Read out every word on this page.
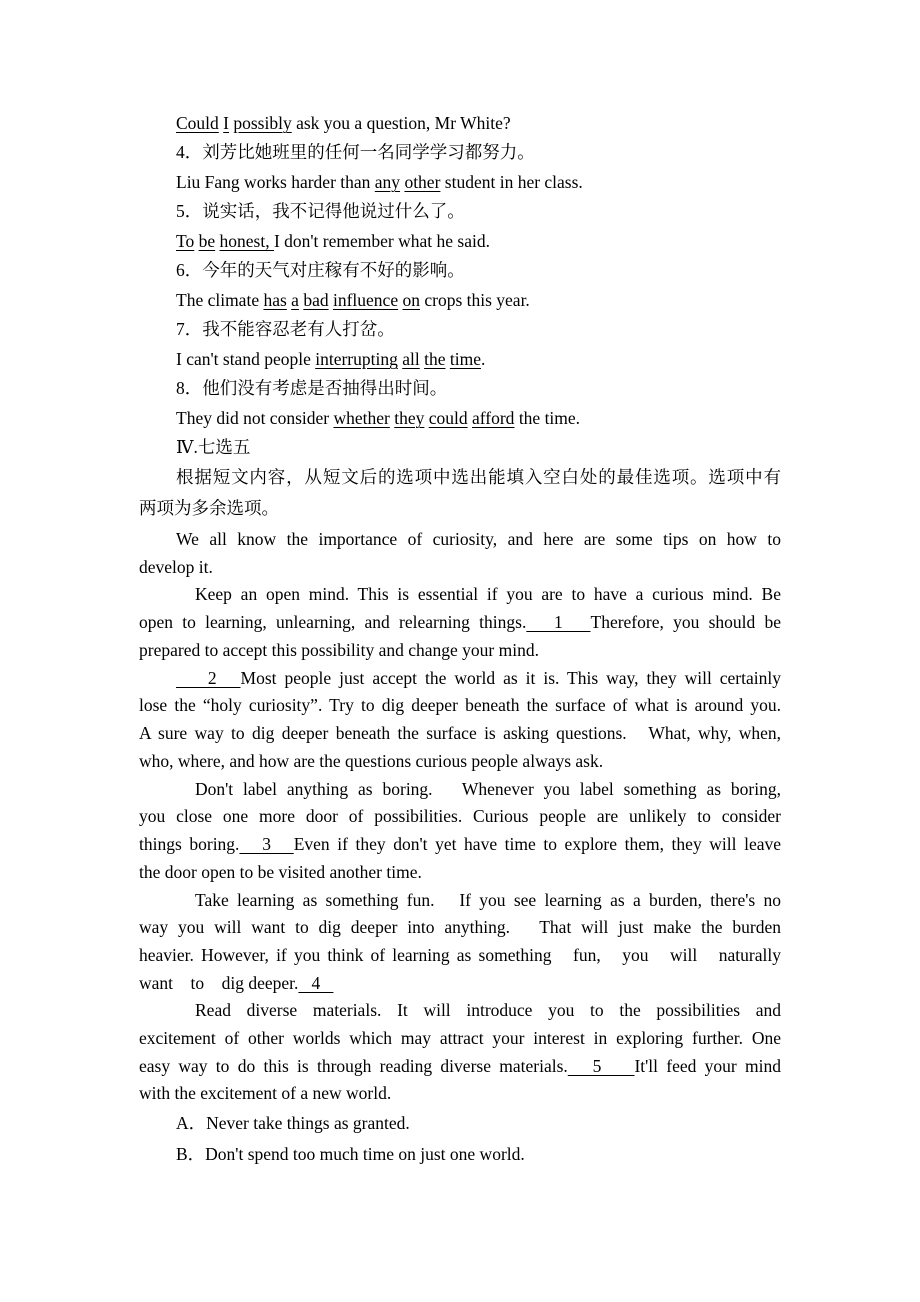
Could I possibly ask you a question, Mr White?
4．刘芳比她班里的任何一名同学学习都努力。
Liu Fang works harder than any other student in her class.
5．说实话，我不记得他说过什么了。
To be honest, I don't remember what he said.
6．今年的天气对庄稼有不好的影响。
The climate has a bad influence on crops this year.
7．我不能容忍老有人打岔。
I can't stand people interrupting all the time.
8．他们没有考虑是否抽得出时间。
They did not consider whether they could afford the time.
Ⅳ.七选五
根据短文内容，从短文后的选项中选出能填入空白处的最佳选项。选项中有
两项为多余选项。
We all know the importance of curiosity, and here are some tips on how to
develop it.
Keep an open mind. This is essential if you are to have a curious mind. Be
open to learning, unlearning, and relearning things.   1   Therefore, you should be
prepared to accept this possibility and change your mind.
2   Most people just accept the world as it is. This way, they will certainly
lose the “holy curiosity”. Try to dig deeper beneath the surface of what is around you.
A sure way to dig deeper beneath the surface is asking questions.   What, why, when,
who, where, and how are the questions curious people always ask.
Don't label anything as boring.   Whenever you label something as boring,
you close one more door of possibilities. Curious people are unlikely to consider
things boring.   3   Even if they don't yet have time to explore them, they will leave
the door open to be visited another time.
Take learning as something fun.   If you see learning as a burden, there's no
way you will want to dig deeper into anything.   That will just make the burden
heavier. However, if you think of learning as something   fun,   you   will   naturally
want    to    dig deeper.   4
Read diverse materials. It will introduce you to the possibilities and
excitement of other worlds which may attract your interest in exploring further. One
easy way to do this is through reading diverse materials.   5    It'll feed your mind
with the excitement of a new world.
A．Never take things as granted.
B．Don't spend too much time on just one world.
